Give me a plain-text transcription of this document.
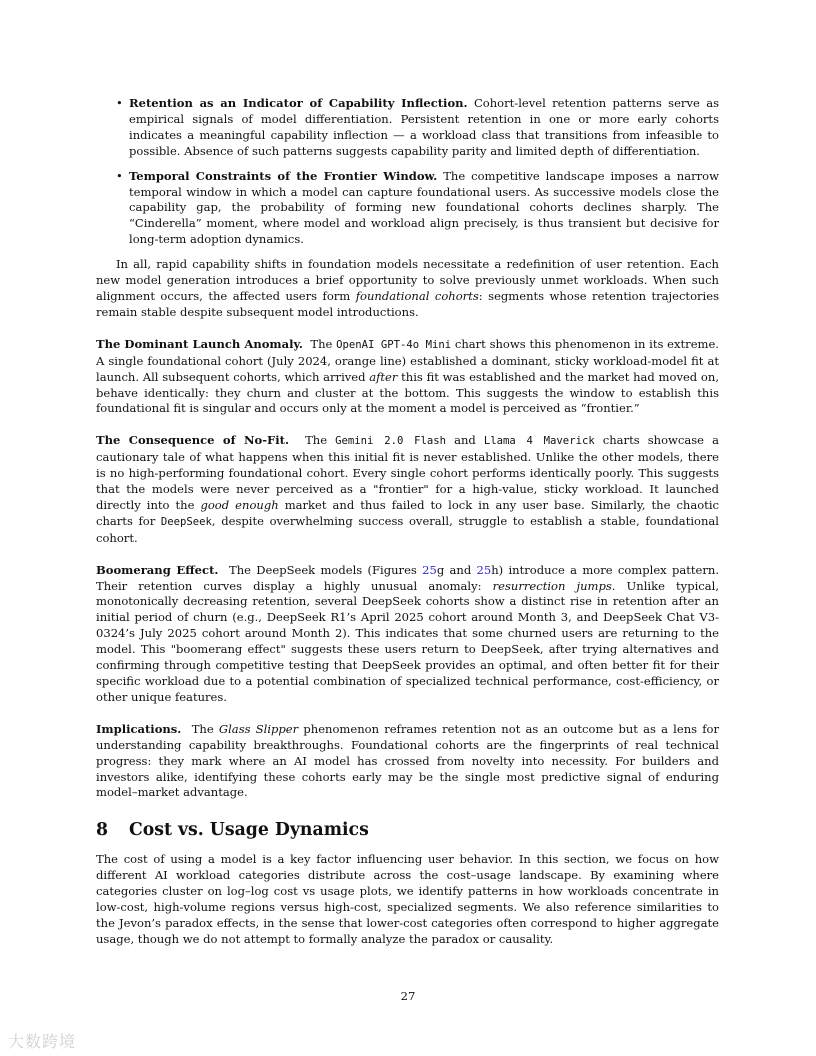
• Retention as an Indicator of Capability Inflection. Cohort-level retention patterns serve as empirical signals of model differentiation. Persistent retention in one or more early cohorts indicates a meaningful capability inflection — a workload class that transitions from infeasible to possible. Absence of such patterns suggests capability parity and limited depth of differentiation.

• Temporal Constraints of the Frontier Window. The competitive landscape imposes a narrow temporal window in which a model can capture foundational users. As successive models close the capability gap, the probability of forming new foundational cohorts declines sharply. The “Cinderella” moment, where model and workload align precisely, is thus transient but decisive for long-term adoption dynamics.

In all, rapid capability shifts in foundation models necessitate a redefinition of user retention. Each new model generation introduces a brief opportunity to solve previously unmet workloads. When such alignment occurs, the affected users form foundational cohorts: segments whose retention trajectories remain stable despite subsequent model introductions.

The Dominant Launch Anomaly. The OpenAI GPT-4o Mini chart shows this phenomenon in its extreme. A single foundational cohort (July 2024, orange line) established a dominant, sticky workload-model fit at launch. All subsequent cohorts, which arrived after this fit was established and the market had moved on, behave identically: they churn and cluster at the bottom. This suggests the window to establish this foundational fit is singular and occurs only at the moment a model is perceived as “frontier.”

The Consequence of No-Fit. The Gemini 2.0 Flash and Llama 4 Maverick charts showcase a cautionary tale of what happens when this initial fit is never established. Unlike the other models, there is no high-performing foundational cohort. Every single cohort performs identically poorly. This suggests that the models were never perceived as a "frontier" for a high-value, sticky workload. It launched directly into the good enough market and thus failed to lock in any user base. Similarly, the chaotic charts for DeepSeek, despite overwhelming success overall, struggle to establish a stable, foundational cohort.

Boomerang Effect. The DeepSeek models (Figures 25g and 25h) introduce a more complex pattern. Their retention curves display a highly unusual anomaly: resurrection jumps. Unlike typical, monotonically decreasing retention, several DeepSeek cohorts show a distinct rise in retention after an initial period of churn (e.g., DeepSeek R1’s April 2025 cohort around Month 3, and DeepSeek Chat V3-0324’s July 2025 cohort around Month 2). This indicates that some churned users are returning to the model. This "boomerang effect" suggests these users return to DeepSeek, after trying alternatives and confirming through competitive testing that DeepSeek provides an optimal, and often better fit for their specific workload due to a potential combination of specialized technical performance, cost-efficiency, or other unique features.

Implications. The Glass Slipper phenomenon reframes retention not as an outcome but as a lens for understanding capability breakthroughs. Foundational cohorts are the fingerprints of real technical progress: they mark where an AI model has crossed from novelty into necessity. For builders and investors alike, identifying these cohorts early may be the single most predictive signal of enduring model–market advantage.

8 Cost vs. Usage Dynamics

The cost of using a model is a key factor influencing user behavior. In this section, we focus on how different AI workload categories distribute across the cost–usage landscape. By examining where categories cluster on log–log cost vs usage plots, we identify patterns in how workloads concentrate in low-cost, high-volume regions versus high-cost, specialized segments. We also reference similarities to the Jevon’s paradox effects, in the sense that lower-cost categories often correspond to higher aggregate usage, though we do not attempt to formally analyze the paradox or causality.

27
大数跨境
